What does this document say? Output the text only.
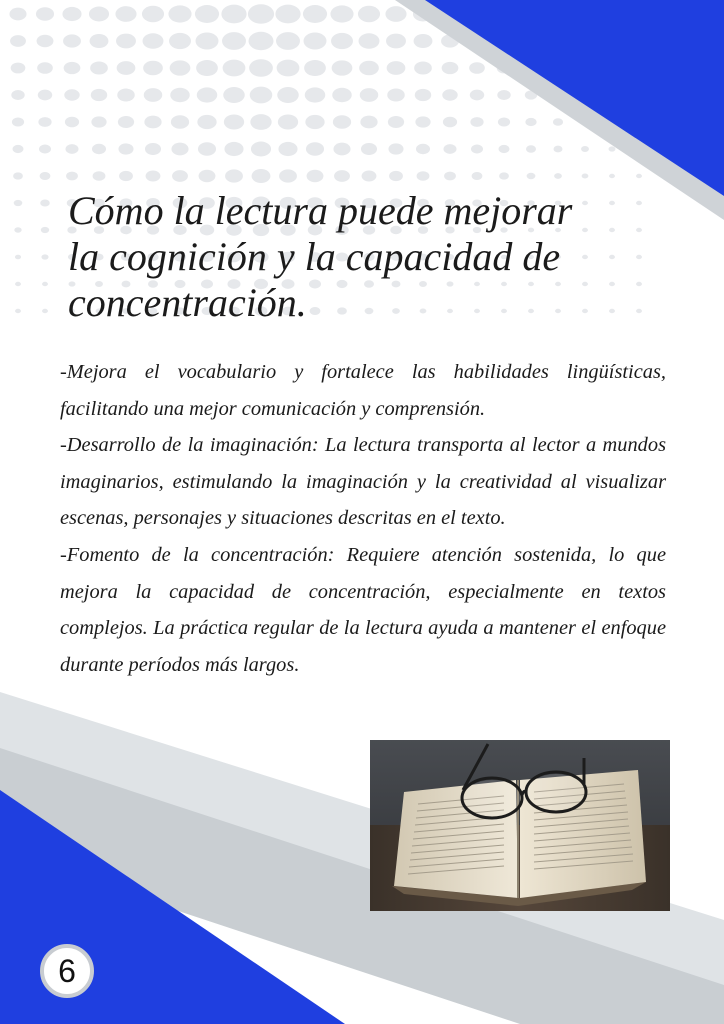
Cómo la lectura puede mejorar
la cognición y la capacidad de
concentración.

-Mejora el vocabulario y fortalece las habilidades lingüísticas, facilitando una mejor comunicación y comprensión.

-Desarrollo de la imaginación: La lectura transporta al lector a mundos imaginarios, estimulando la imaginación y la creatividad al visualizar escenas, personajes y situaciones descritas en el texto.

-Fomento de la concentración: Requiere atención sostenida, lo que mejora la capacidad de concentración, especialmente en textos complejos. La práctica regular de la lectura ayuda a mantener el enfoque durante períodos más largos.

6
